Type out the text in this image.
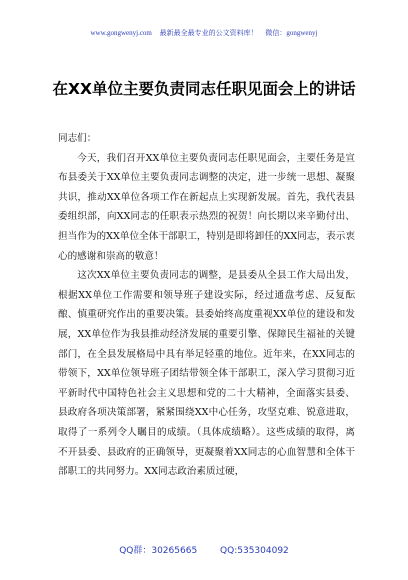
www.gongwenyj.com 最新最全最专业的公文资料库！ 微信：gongwenyj
在XX单位主要负责同志任职见面会上的讲话

同志们：

今天，我们召开XX单位主要负责同志任职见面会，主要任务是宣布县委关于XX单位主要负责同志调整的决定，进一步统一思想、凝聚共识，推动XX单位各项工作在新起点上实现新发展。首先，我代表县委组织部，向XX同志的任职表示热烈的祝贺！向长期以来辛勤付出、担当作为的XX单位全体干部职工，特别是即将卸任的XX同志，表示衷心的感谢和崇高的敬意！

这次XX单位主要负责同志的调整，是县委从全县工作大局出发，根据XX单位工作需要和领导班子建设实际，经过通盘考虑、反复酝酿、慎重研究作出的重要决策。县委始终高度重视XX单位的建设和发展，XX单位作为我县推动经济发展的重要引擎、保障民生福祉的关键部门，在全县发展格局中具有举足轻重的地位。近年来，在XX同志的带领下，XX单位领导班子团结带领全体干部职工，深入学习贯彻习近平新时代中国特色社会主义思想和党的二十大精神，全面落实县委、县政府各项决策部署，紧紧围绕XX中心任务，攻坚克难、锐意进取，取得了一系列令人瞩目的成绩。（具体成绩略）。这些成绩的取得，离不开县委、县政府的正确领导，更凝聚着XX同志的心血智慧和全体干部职工的共同努力。XX同志政治素质过硬，

QQ群：30265665	QQ:535304092
